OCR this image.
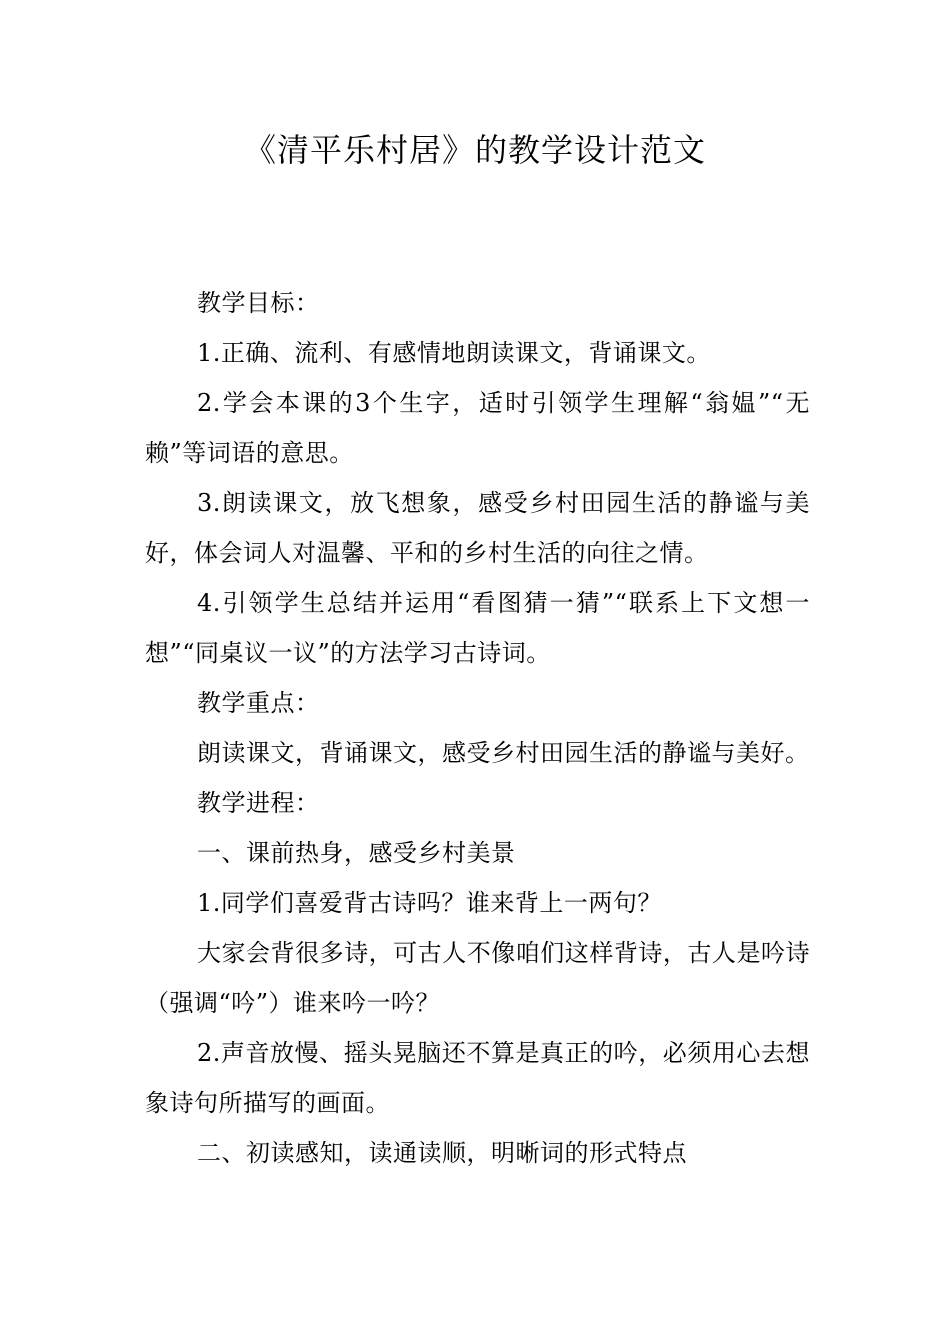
《清平乐村居》的教学设计范文

教学目标：

1.正确、流利、有感情地朗读课文，背诵课文。

2.学会本课的3个生字，适时引领学生理解“翁媪”“无赖”等词语的意思。

3.朗读课文，放飞想象，感受乡村田园生活的静谧与美好，体会词人对温馨、平和的乡村生活的向往之情。

4.引领学生总结并运用“看图猜一猜”“联系上下文想一想”“同桌议一议”的方法学习古诗词。

教学重点：

朗读课文，背诵课文，感受乡村田园生活的静谧与美好。

教学进程：

一、课前热身，感受乡村美景

1.同学们喜爱背古诗吗？谁来背上一两句？

大家会背很多诗，可古人不像咱们这样背诗，古人是吟诗（强调“吟”）谁来吟一吟？

2.声音放慢、摇头晃脑还不算是真正的吟，必须用心去想象诗句所描写的画面。

二、初读感知，读通读顺，明晰词的形式特点
